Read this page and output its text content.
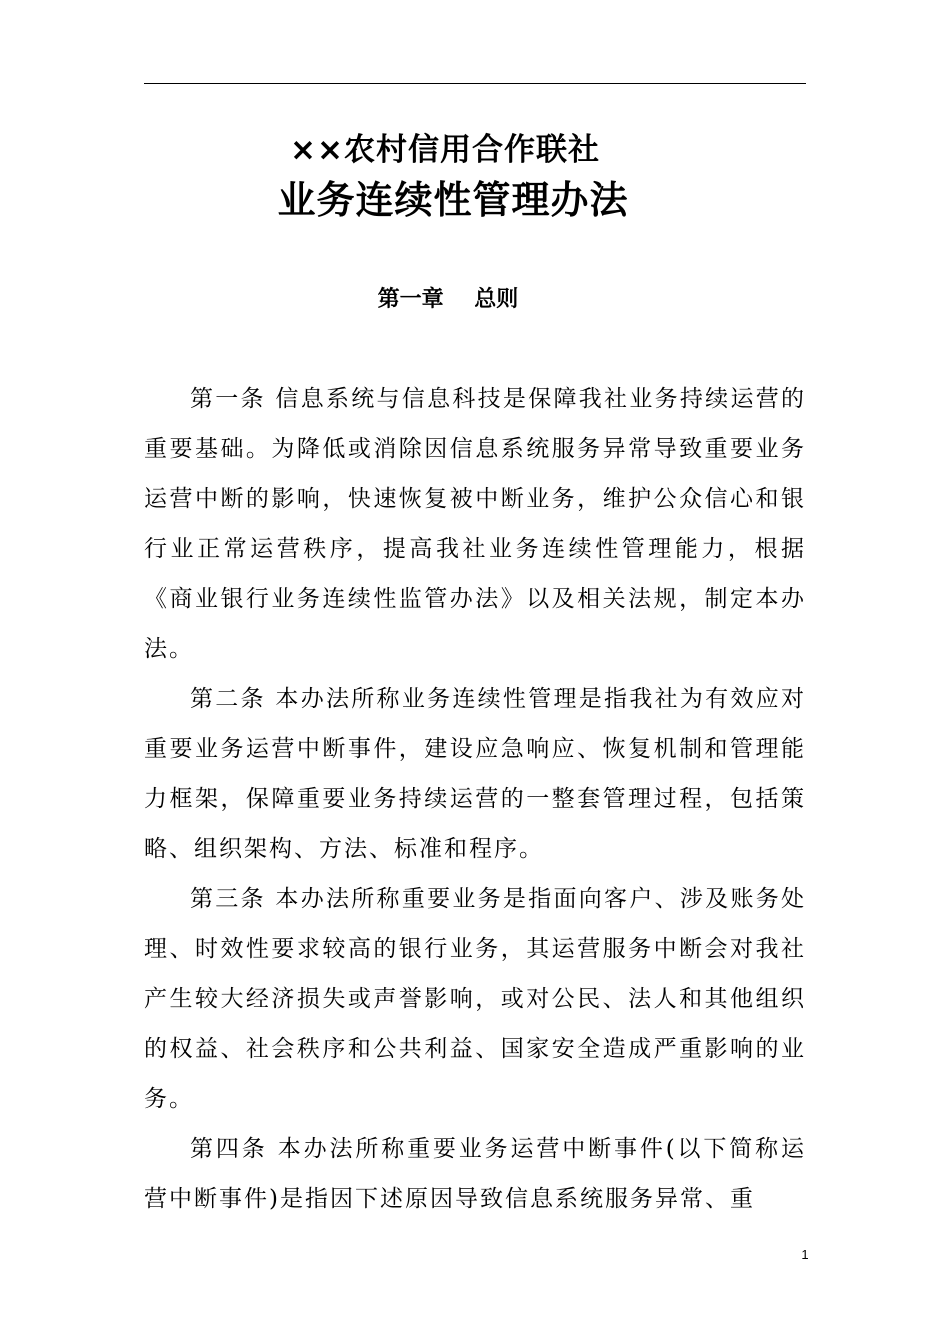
××农村信用合作联社
业务连续性管理办法
第一章    总则

第一条 信息系统与信息科技是保障我社业务持续运营的重要基础。为降低或消除因信息系统服务异常导致重要业务运营中断的影响，快速恢复被中断业务，维护公众信心和银行业正常运营秩序，提高我社业务连续性管理能力，根据《商业银行业务连续性监管办法》以及相关法规，制定本办法。

第二条 本办法所称业务连续性管理是指我社为有效应对重要业务运营中断事件，建设应急响应、恢复机制和管理能力框架，保障重要业务持续运营的一整套管理过程，包括策略、组织架构、方法、标准和程序。

第三条 本办法所称重要业务是指面向客户、涉及账务处理、时效性要求较高的银行业务，其运营服务中断会对我社产生较大经济损失或声誉影响，或对公民、法人和其他组织的权益、社会秩序和公共利益、国家安全造成严重影响的业务。

第四条 本办法所称重要业务运营中断事件(以下简称运营中断事件)是指因下述原因导致信息系统服务异常、重

1
